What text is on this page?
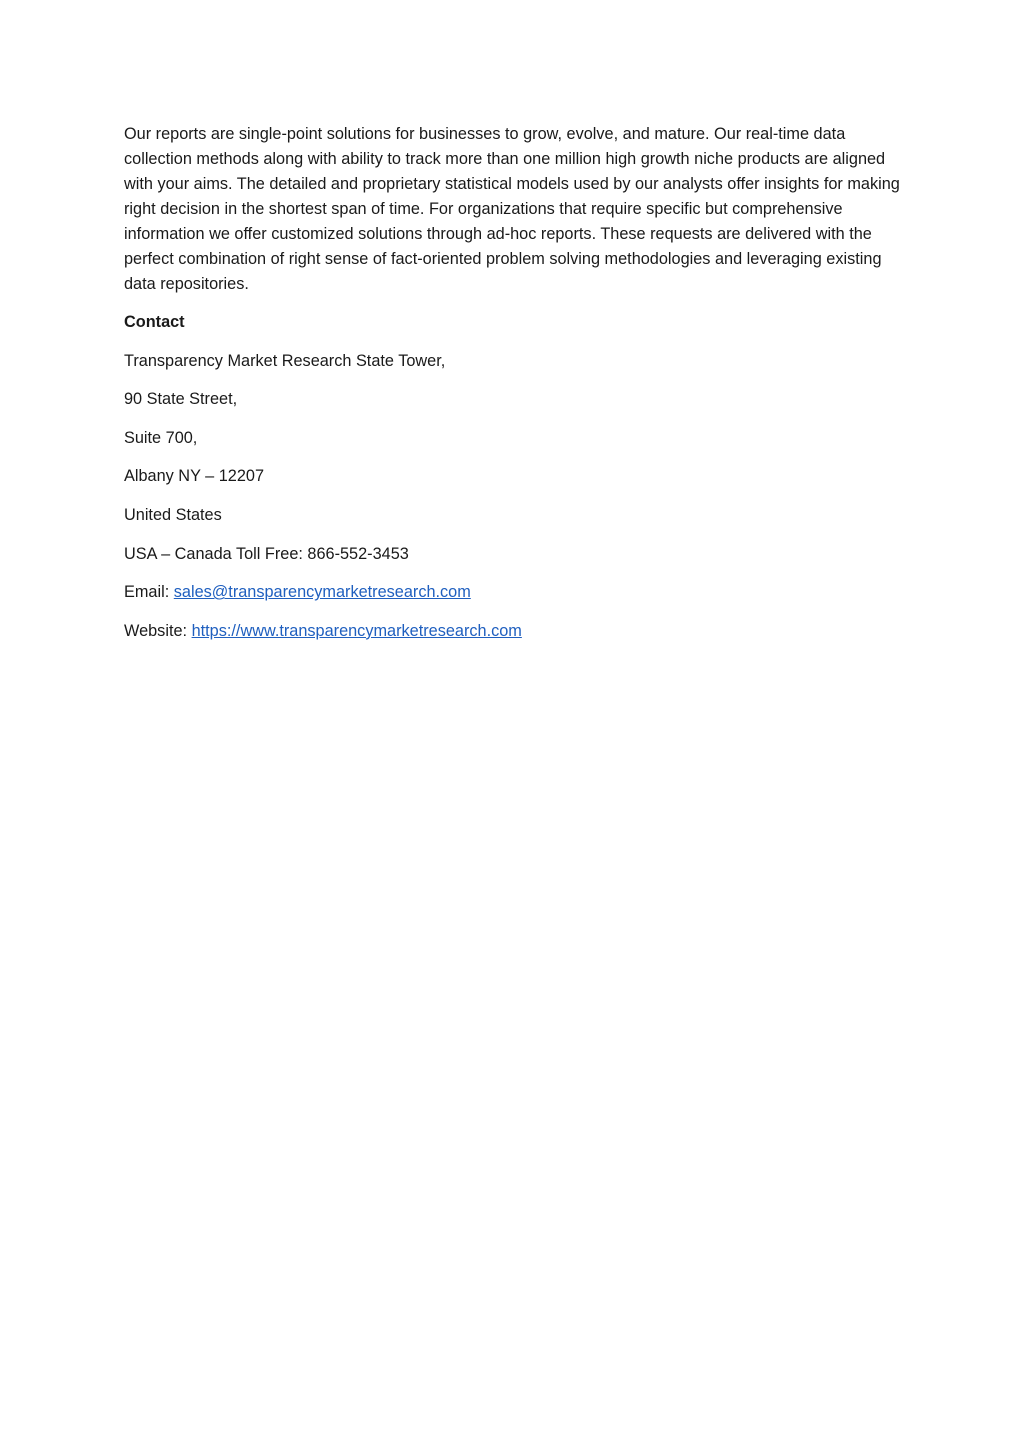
Our reports are single-point solutions for businesses to grow, evolve, and mature. Our real-time data collection methods along with ability to track more than one million high growth niche products are aligned with your aims. The detailed and proprietary statistical models used by our analysts offer insights for making right decision in the shortest span of time. For organizations that require specific but comprehensive information we offer customized solutions through ad-hoc reports. These requests are delivered with the perfect combination of right sense of fact-oriented problem solving methodologies and leveraging existing data repositories.

Contact

Transparency Market Research State Tower,

90 State Street,

Suite 700,

Albany NY – 12207

United States

USA – Canada Toll Free: 866-552-3453

Email: sales@transparencymarketresearch.com

Website: https://www.transparencymarketresearch.com
